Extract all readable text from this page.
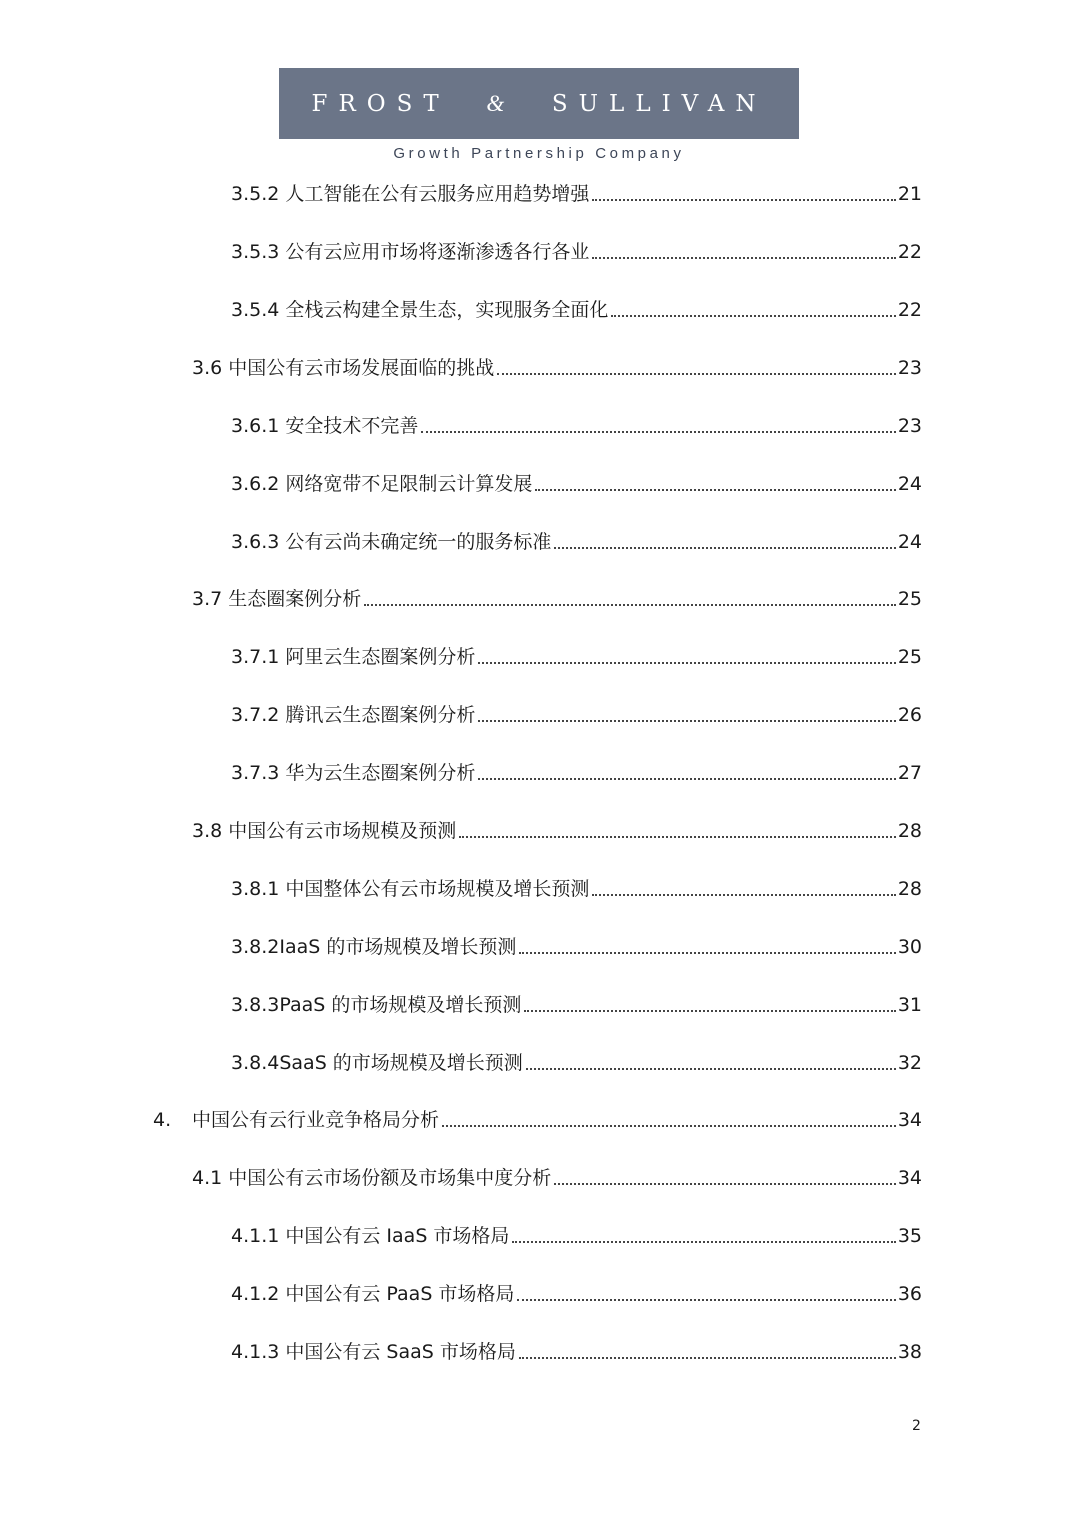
FROST & SULLIVAN
Growth Partnership Company
3.5.2 人工智能在公有云服务应用趋势增强	21
3.5.3 公有云应用市场将逐渐渗透各行各业	22
3.5.4 全栈云构建全景生态，实现服务全面化	22
3.6 中国公有云市场发展面临的挑战	23
3.6.1 安全技术不完善	23
3.6.2 网络宽带不足限制云计算发展	24
3.6.3 公有云尚未确定统一的服务标准	24
3.7 生态圈案例分析	25
3.7.1 阿里云生态圈案例分析	25
3.7.2 腾讯云生态圈案例分析	26
3.7.3 华为云生态圈案例分析	27
3.8 中国公有云市场规模及预测	28
3.8.1 中国整体公有云市场规模及增长预测	28
3.8.2IaaS 的市场规模及增长预测	30
3.8.3PaaS 的市场规模及增长预测	31
3.8.4SaaS 的市场规模及增长预测	32
4. 中国公有云行业竞争格局分析	34
4.1 中国公有云市场份额及市场集中度分析	34
4.1.1 中国公有云 IaaS 市场格局	35
4.1.2 中国公有云 PaaS 市场格局	36
4.1.3 中国公有云 SaaS 市场格局	38
2
